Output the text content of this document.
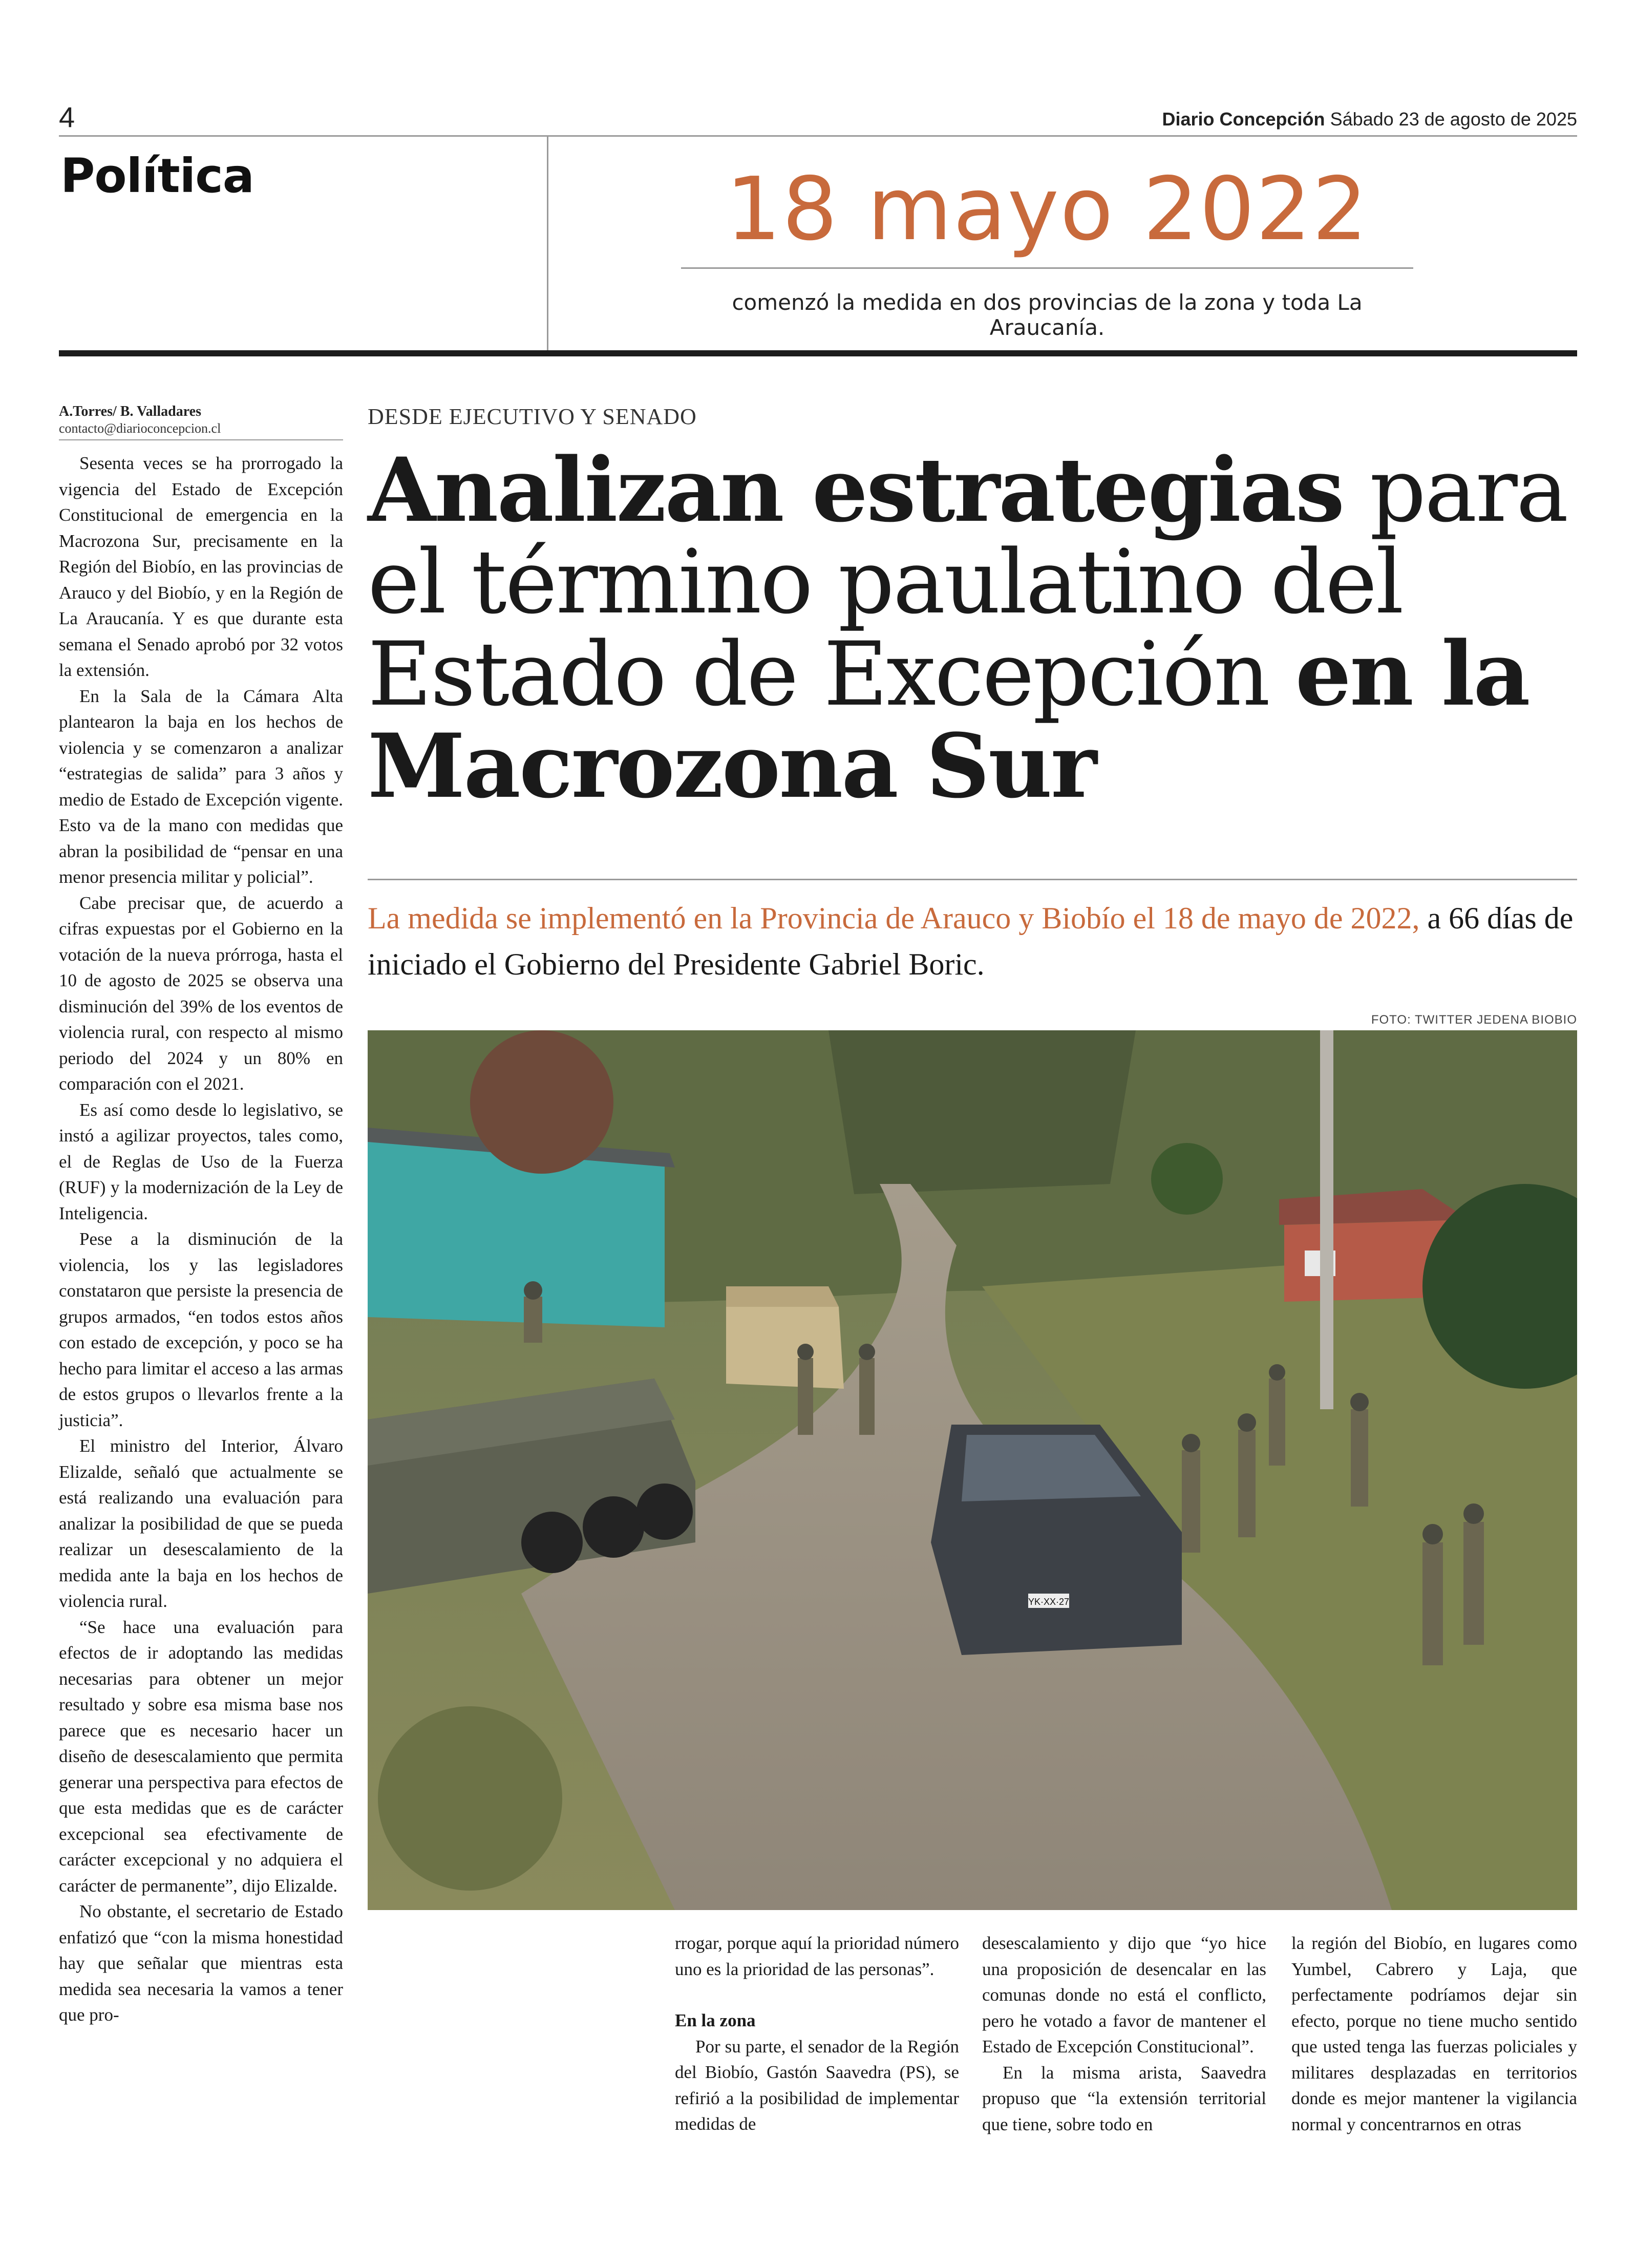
4	Diario Concepción Sábado 23 de agosto de 2025
Política	18 mayo 2022
comenzó la medida en dos provincias de la zona y toda La Araucanía.
A.Torres/ B. Valladares
contacto@diarioconcepcion.cl	DESDE EJECUTIVO Y SENADO
Analizan estrategias para el término paulatino del Estado de Excepción en la Macrozona Sur
La medida se implementó en la Provincia de Arauco y Biobío el 18 de mayo de 2022, a 66 días de iniciado el Gobierno del Presidente Gabriel Boric.
FOTO: TWITTER JEDENA BIOBIO
YK·XX·27

Sesenta veces se ha prorrogado la vigencia del Estado de Excepción Constitucional de emergencia en la Macrozona Sur, precisamente en la Región del Biobío, en las provincias de Arauco y del Biobío, y en la Región de La Araucanía. Y es que durante esta semana el Senado aprobó por 32 votos la extensión.

En la Sala de la Cámara Alta plantearon la baja en los hechos de violencia y se comenzaron a analizar “estrategias de salida” para 3 años y medio de Estado de Excepción vigente. Esto va de la mano con medidas que abran la posibilidad de “pensar en una menor presencia militar y policial”.

Cabe precisar que, de acuerdo a cifras expuestas por el Gobierno en la votación de la nueva prórroga, hasta el 10 de agosto de 2025 se observa una disminución del 39% de los eventos de violencia rural, con respecto al mismo periodo del 2024 y un 80% en comparación con el 2021.

Es así como desde lo legislativo, se instó a agilizar proyectos, tales como, el de Reglas de Uso de la Fuerza (RUF) y la modernización de la Ley de Inteligencia.

Pese a la disminución de la violencia, los y las legisladores constataron que persiste la presencia de grupos armados, “en todos estos años con estado de excepción, y poco se ha hecho para limitar el acceso a las armas de estos grupos o llevarlos frente a la justicia”.

El ministro del Interior, Álvaro Elizalde, señaló que actualmente se está realizando una evaluación para analizar la posibilidad de que se pueda realizar un desescalamiento de la medida ante la baja en los hechos de violencia rural.

“Se hace una evaluación para efectos de ir adoptando las medidas necesarias para obtener un mejor resultado y sobre esa misma base nos parece que es necesario hacer un diseño de desescalamiento que permita generar una perspectiva para efectos de que esta medidas que es de carácter excepcional sea efectivamente de carácter excepcional y no adquiera el carácter de permanente”, dijo Elizalde.

No obstante, el secretario de Estado enfatizó que “con la misma honestidad hay que señalar que mientras esta medida sea necesaria la vamos a tener que pro-

rrogar, porque aquí la prioridad número uno es la prioridad de las personas”.

En la zona

Por su parte, el senador de la Región del Biobío, Gastón Saavedra (PS), se refirió a la posibilidad de implementar medidas de

desescalamiento y dijo que “yo hice una proposición de desencalar en las comunas donde no está el conflicto, pero he votado a favor de mantener el Estado de Excepción Constitucional”.

En la misma arista, Saavedra propuso que “la extensión territorial que tiene, sobre todo en

la región del Biobío, en lugares como Yumbel, Cabrero y Laja, que perfectamente podríamos dejar sin efecto, porque no tiene mucho sentido que usted tenga las fuerzas policiales y militares desplazadas en territorios donde es mejor mantener la vigilancia normal y concentrarnos en otras
